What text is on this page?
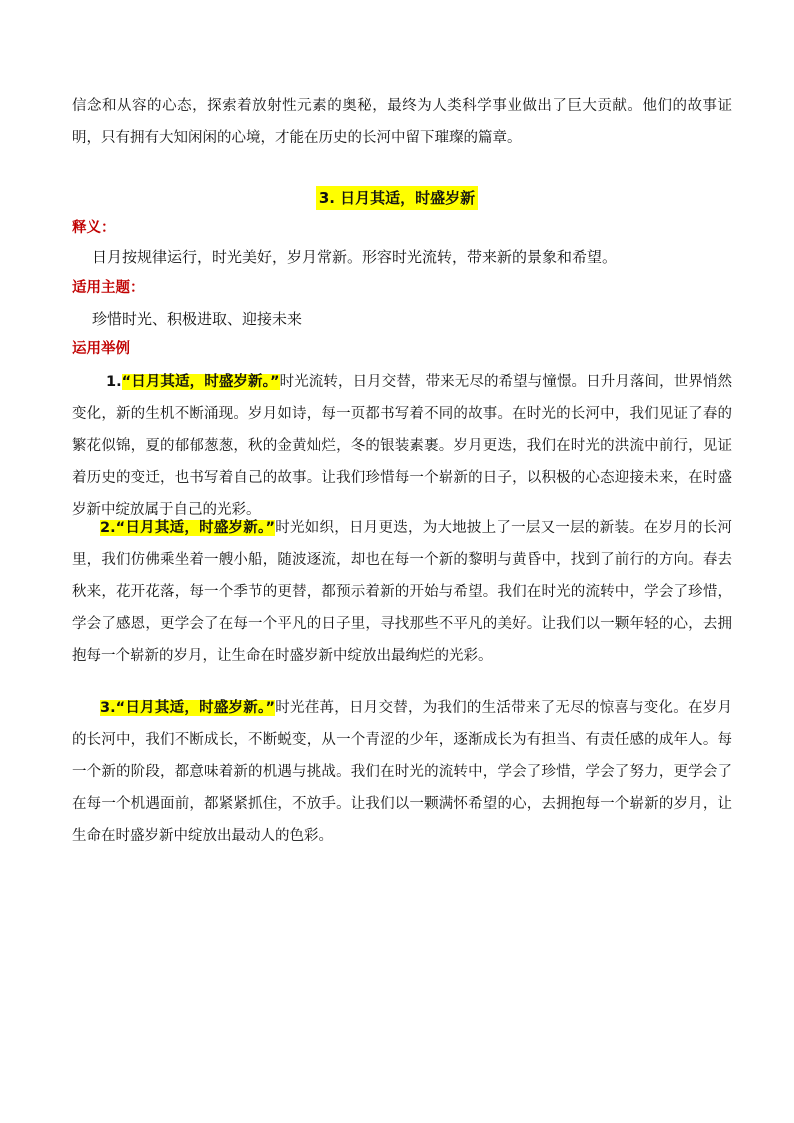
信念和从容的心态，探索着放射性元素的奥秘，最终为人类科学事业做出了巨大贡献。他们的故事证明，只有拥有大知闲闲的心境，才能在历史的长河中留下璀璨的篇章。

3. 日月其适，时盛岁新
释义：
日月按规律运行，时光美好，岁月常新。形容时光流转，带来新的景象和希望。
适用主题：
珍惜时光、积极进取、迎接未来
运用举例

1.“日月其适，时盛岁新。”时光流转，日月交替，带来无尽的希望与憧憬。日升月落间，世界悄然变化，新的生机不断涌现。岁月如诗，每一页都书写着不同的故事。在时光的长河中，我们见证了春的繁花似锦，夏的郁郁葱葱，秋的金黄灿烂，冬的银装素裹。岁月更迭，我们在时光的洪流中前行，见证着历史的变迁，也书写着自己的故事。让我们珍惜每一个崭新的日子，以积极的心态迎接未来，在时盛岁新中绽放属于自己的光彩。

2.“日月其适，时盛岁新。”时光如织，日月更迭，为大地披上了一层又一层的新装。在岁月的长河里，我们仿佛乘坐着一艘小船，随波逐流，却也在每一个新的黎明与黄昏中，找到了前行的方向。春去秋来，花开花落，每一个季节的更替，都预示着新的开始与希望。我们在时光的流转中，学会了珍惜，学会了感恩，更学会了在每一个平凡的日子里，寻找那些不平凡的美好。让我们以一颗年轻的心，去拥抱每一个崭新的岁月，让生命在时盛岁新中绽放出最绚烂的光彩。

3.“日月其适，时盛岁新。”时光荏苒，日月交替，为我们的生活带来了无尽的惊喜与变化。在岁月的长河中，我们不断成长，不断蜕变，从一个青涩的少年，逐渐成长为有担当、有责任感的成年人。每一个新的阶段，都意味着新的机遇与挑战。我们在时光的流转中，学会了珍惜，学会了努力，更学会了在每一个机遇面前，都紧紧抓住，不放手。让我们以一颗满怀希望的心，去拥抱每一个崭新的岁月，让生命在时盛岁新中绽放出最动人的色彩。
